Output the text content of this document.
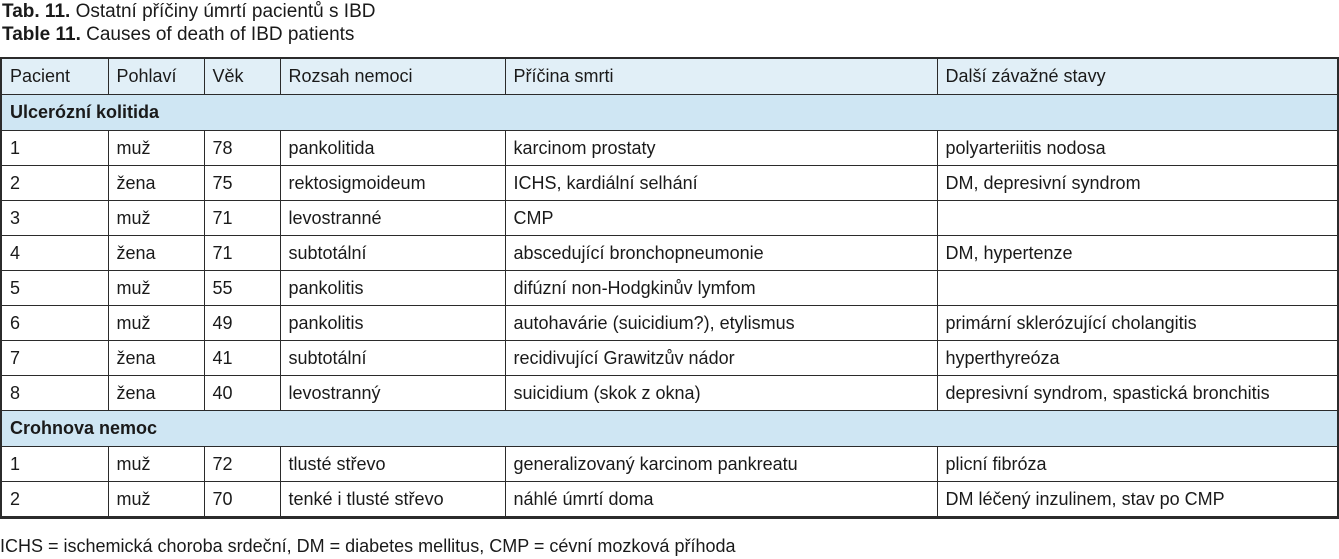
Tab. 11. Ostatní příčiny úmrtí pacientů s IBD
Table 11. Causes of death of IBD patients
Pacient	Pohlaví	Věk	Rozsah nemoci	Příčina smrti	Další závažné stavy
Ulcerózní kolitida					
1	muž	78	pankolitida	karcinom prostaty	polyarteriitis nodosa
2	žena	75	rektosigmoideum	ICHS, kardiální selhání	DM, depresivní syndrom
3	muž	71	levostranné	CMP	
4	žena	71	subtotální	abscedující bronchopneumonie	DM, hypertenze
5	muž	55	pankolitis	difúzní non-Hodgkinův lymfom	
6	muž	49	pankolitis	autohavárie (suicidium?), etylismus	primární sklerózující cholangitis
7	žena	41	subtotální	recidivující Grawitzův nádor	hyperthyreóza
8	žena	40	levostranný	suicidium (skok z okna)	depresivní syndrom, spastická bronchitis
Crohnova nemoc					
1	muž	72	tlusté střevo	generalizovaný karcinom pankreatu	plicní fibróza
2	muž	70	tenké i tlusté střevo	náhlé úmrtí doma	DM léčený inzulinem, stav po CMP
ICHS = ischemická choroba srdeční, DM = diabetes mellitus, CMP = cévní mozková příhoda
